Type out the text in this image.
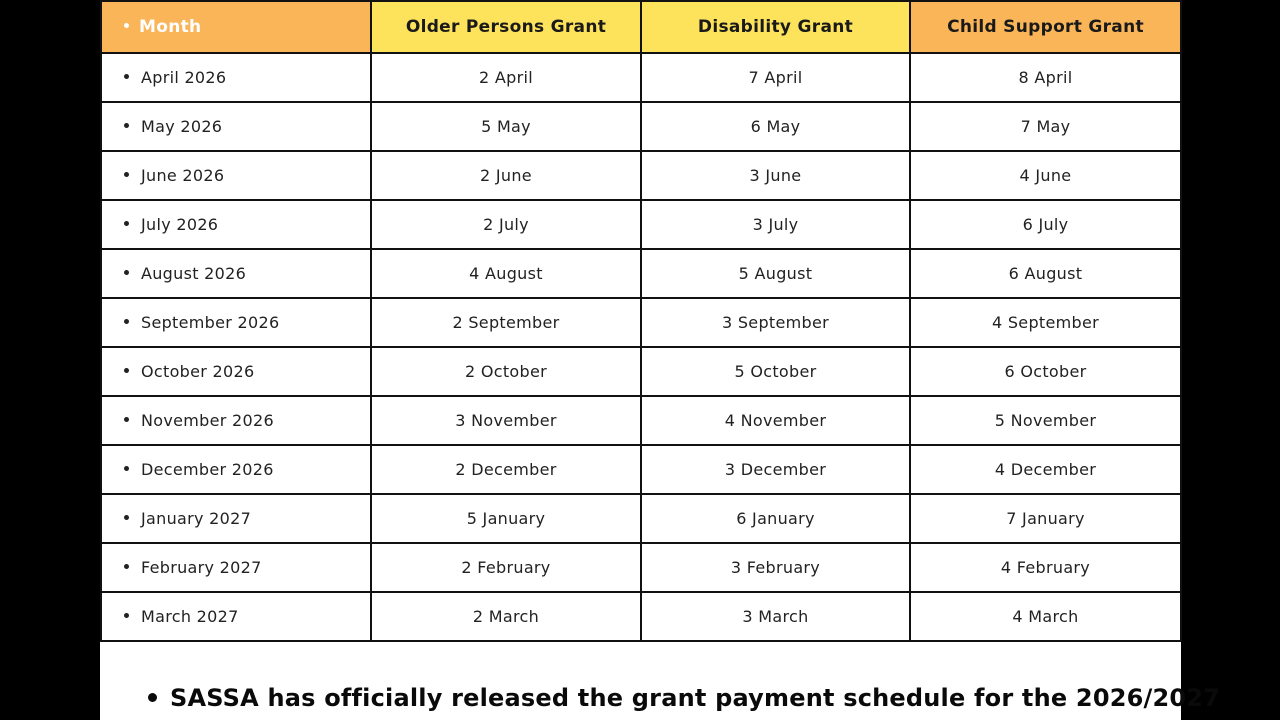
Month	Older Persons Grant	Disability Grant	Child Support Grant
April 2026	2 April	7 April	8 April
May 2026	5 May	6 May	7 May
June 2026	2 June	3 June	4 June
July 2026	2 July	3 July	6 July
August 2026	4 August	5 August	6 August
September 2026	2 September	3 September	4 September
October 2026	2 October	5 October	6 October
November 2026	3 November	4 November	5 November
December 2026	2 December	3 December	4 December
January 2027	5 January	6 January	7 January
February 2027	2 February	3 February	4 February
March 2027	2 March	3 March	4 March
SASSA has officially released the grant payment schedule for the 2026/2027
